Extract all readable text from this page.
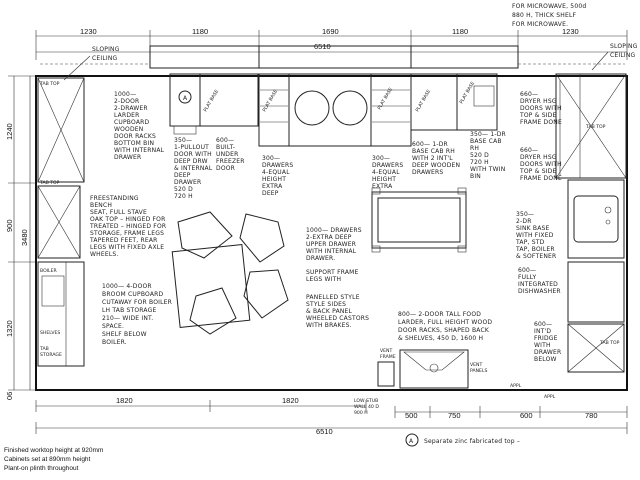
FOR MICROWAVE, 500d
880 H, THICK SHELF
FOR MICROWAVE.
1230	1180	1690	1180	1230
6510
1240
900
1320
3480
06
SLOPING
CEILING
SLOPING
CEILING
TAB TOP
A	PLAT BASE	PLAT BASE	PLAT BASE	PLAT BASE	PLAT BASE
TAB TOP
TAB TOP
BOILER
SHELVES
TAB
STORAGE
TAB TOP
VENT
FRAME
VENT
PANELS
APPL
APPL
LOW STUB
WALL 40 D
900 H
1000—
2-DOOR
2-DRAWER
LARDER
CUPBOARD
WOODEN
DOOR RACKS
BOTTOM BIN
WITH INTERNAL
DRAWER
350—
1-PULLOUT
DOOR WITH
DEEP DRW
& INTERNAL
DEEP
DRAWER
520 D
720 H
600—
BUILT-
UNDER
FREEZER
DOOR
300—
DRAWERS
4-EQUAL
HEIGHT
EXTRA
DEEP
300—
DRAWERS
4-EQUAL
HEIGHT
EXTRA
600— 1-DR
BASE CAB RH
WITH 2 INT'L
DEEP WOODEN
DRAWERS
350— 1-DR
BASE CAB
RH
520 D
720 H
WITH TWIN
BIN
660—
DRYER HSG
DOORS WITH
TOP & SIDE
FRAME DONE
660—
DRYER HSG
DOORS WITH
TOP & SIDE
FRAME DONE
FREESTANDING
BENCH
SEAT, FULL STAVE
OAK TOP – HINGED FOR
TREATED – HINGED FOR
STORAGE, FRAME LEGS
TAPERED FEET, REAR
LEGS WITH FIXED AXLE
WHEELS.
1000— 4-DOOR
BROOM CUPBOARD
CUTAWAY FOR BOILER
LH TAB STORAGE
210— WIDE INT.
SPACE.
SHELF BELOW
BOILER.
1000— DRAWERS
2-EXTRA DEEP
UPPER DRAWER
WITH INTERNAL
DRAWER.
SUPPORT FRAME
LEGS WITH
PANELLED STYLE
STYLE SIDES
& BACK PANEL
WHEELED CASTORS
WITH BRAKES.
800— 2-DOOR TALL FOOD
LARDER, FULL HEIGHT WOOD
DOOR RACKS, SHAPED BACK
& SHELVES, 450 D, 1600 H
350—
2-DR
SINK BASE
WITH FIXED
TAP, STD
TAP, BOILER
& SOFTENER
600—
FULLY
INTEGRATED
DISHWASHER
600—
INT'D
FRIDGE
WITH
DRAWER
BELOW
1820	1820
500	750	600	780
6510
A Separate zinc fabricated top –
Finished worktop height at 920mm
Cabinets set at 890mm height
Plant-on plinth throughout
